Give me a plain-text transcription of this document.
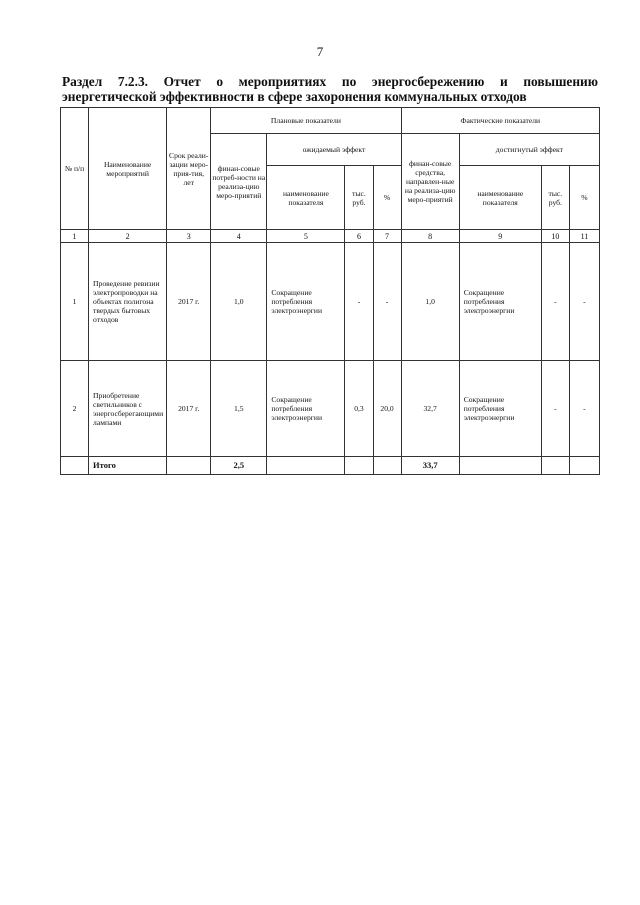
7
Раздел 7.2.3. Отчет о мероприятиях по энергосбережению и повышению
энергетической эффективности в сфере захоронения коммунальных отходов
№ п/п	Наименование мероприятий	Срок реали-зации меро-прия-тия, лет	Плановые показатели				Фактические показатели			
			финан-совые потреб-ности на реализа-цию меро-приятий	ожидаемый эффект			финан-совые средства, направлен-ные на реализа-цию меро-приятий	достигнутый эффект		
				наименование показателя	тыс. руб.	%		наименование показателя	тыс. руб.	%
1	2	3	4	5	6	7	8	9	10	11
1	Проведение ревизии электропроводки на объектах полигона твердых бытовых отходов	2017 г.	1,0	Сокращение потребления электроэнергии	-	-	1,0	Сокращение потребления электроэнергии	-	-
2	Приобретение светильников с энергосберегающими лампами	2017 г.	1,5	Сокращение потребления электроэнергии	0,3	20,0	32,7	Сокращение потребления электроэнергии	-	-
	Итого		2,5				33,7			
